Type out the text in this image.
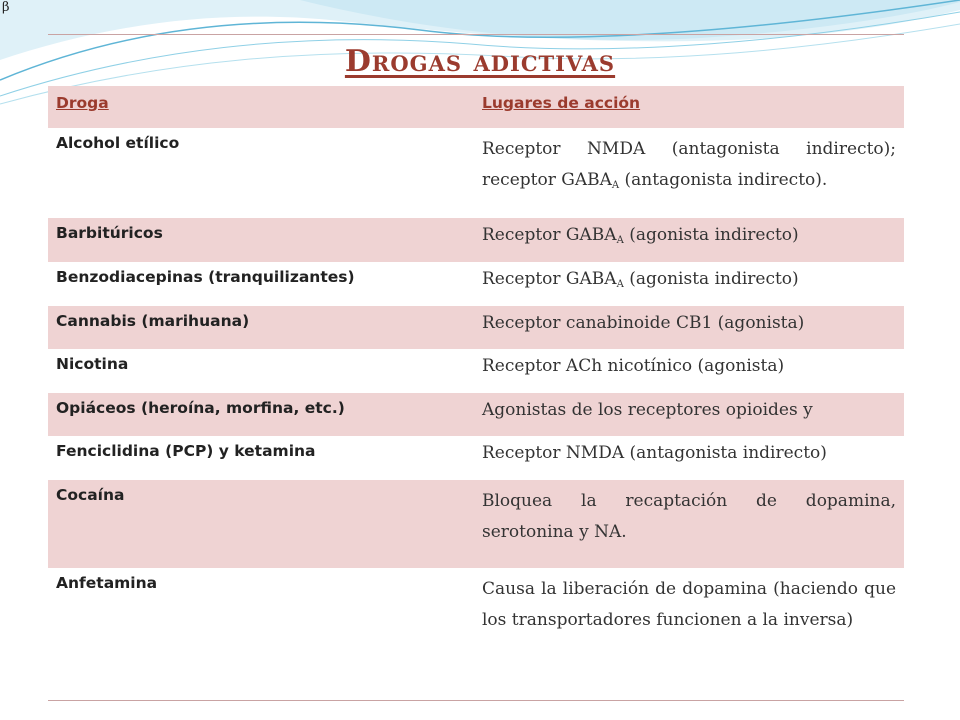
β
Drogas adictivas
Droga	Lugares de acción
Alcohol etílico	Receptor NMDA (antagonista indirecto); receptor $GABA_A$ (antagonista indirecto).
Barbitúricos	Receptor $GABA_A$ (agonista indirecto)
Benzodiacepinas (tranquilizantes)	Receptor $GABA_A$ (agonista indirecto)
Cannabis (marihuana)	Receptor canabinoide CB1 (agonista)
Nicotina	Receptor ACh nicotínico (agonista)
Opiáceos (heroína, morfina, etc.)	Agonistas de los receptores opioides y
Fenciclidina (PCP) y ketamina	Receptor NMDA (antagonista indirecto)
Cocaína	Bloquea la recaptación de dopamina, serotonina y NA.
Anfetamina	Causa la liberación de dopamina (haciendo que los transportadores funcionen a la inversa)
